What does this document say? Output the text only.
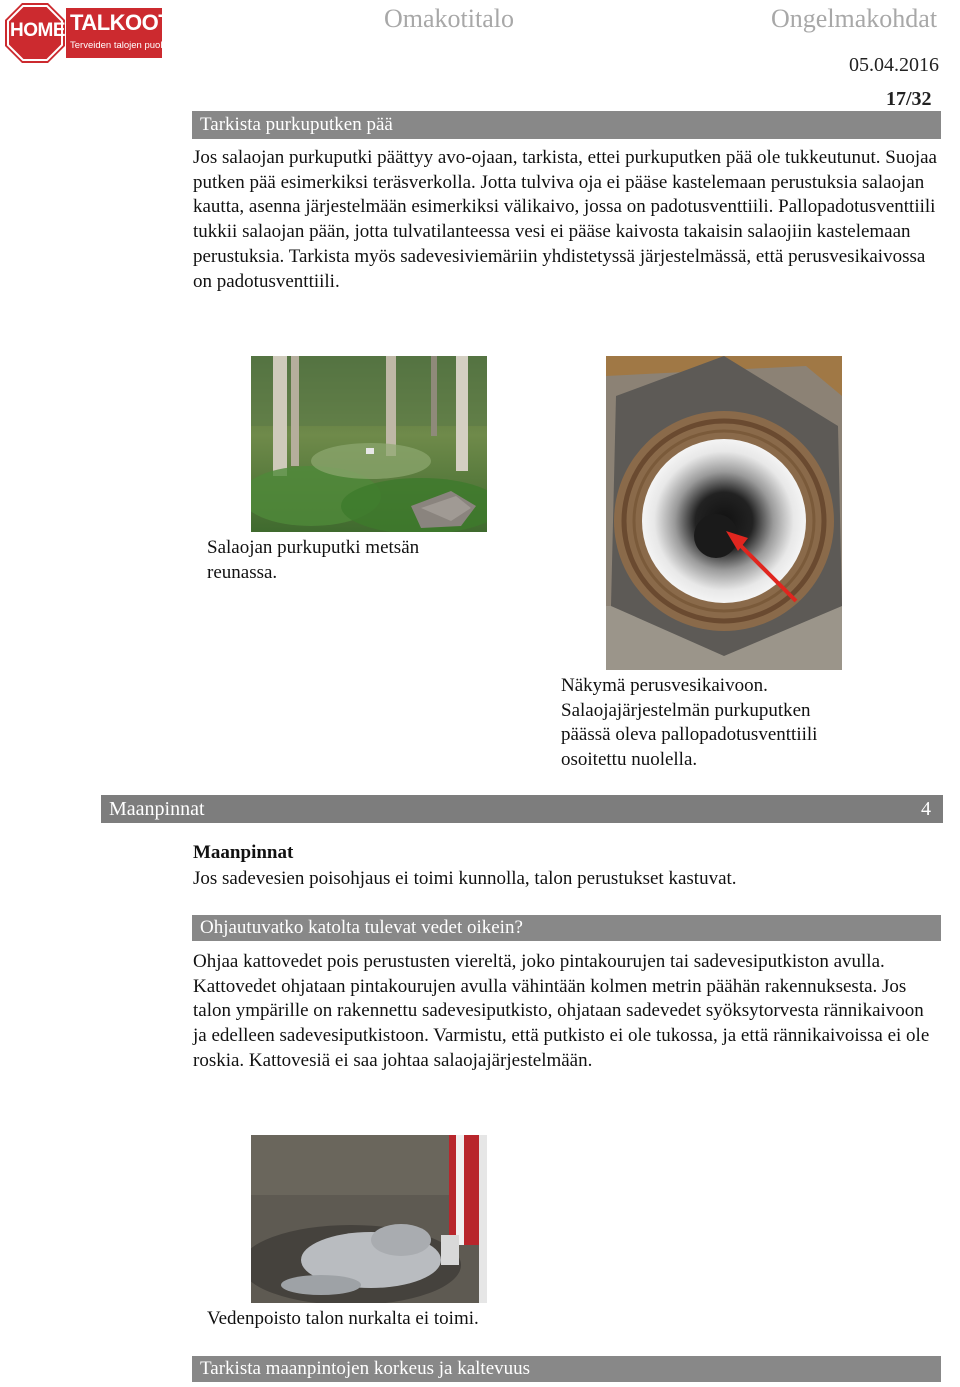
HOME TALKOOT.FI
Terveiden talojen puolesta
Omakotitalo	Ongelmakohdat
05.04.2016
17/32
Tarkista purkuputken pää
Jos salaojan purkuputki päättyy avo-ojaan, tarkista, ettei purkuputken pää ole tukkeutunut. Suojaa putken pää esimerkiksi teräsverkolla. Jotta tulviva oja ei pääse kastelemaan perustuksia salaojan kautta, asenna järjestelmään esimerkiksi välikaivo, jossa on padotusventtiili. Pallopadotusventtiili tukkii salaojan pään, jotta tulvatilanteessa vesi ei pääse kaivosta takaisin salaojiin kastelemaan perustuksia. Tarkista myös sadevesiviemäriin yhdistetyssä järjestelmässä, että perusvesikaivossa on padotusventtiili.
Salaojan purkuputki metsän reunassa.
Näkymä perusvesikaivoon. Salaojajärjestelmän purkuputken päässä oleva pallopadotusventtiili osoitettu nuolella.
Maanpinnat	4
Maanpinnat
Jos sadevesien poisohjaus ei toimi kunnolla, talon perustukset kastuvat.
Ohjautuvatko katolta tulevat vedet oikein?
Ohjaa kattovedet pois perustusten viereltä, joko pintakourujen tai sadevesiputkiston avulla. Kattovedet ohjataan pintakourujen avulla vähintään kolmen metrin päähän rakennuksesta. Jos talon ympärille on rakennettu sadevesiputkisto, ohjataan sadevedet syöksytorvesta rännikaivoon ja edelleen sadevesiputkistoon. Varmistu, että putkisto ei ole tukossa, ja että rännikaivoissa ei ole roskia. Kattovesiä ei saa johtaa salaojajärjestelmään.
Vedenpoisto talon nurkalta ei toimi.
Tarkista maanpintojen korkeus ja kaltevuus
